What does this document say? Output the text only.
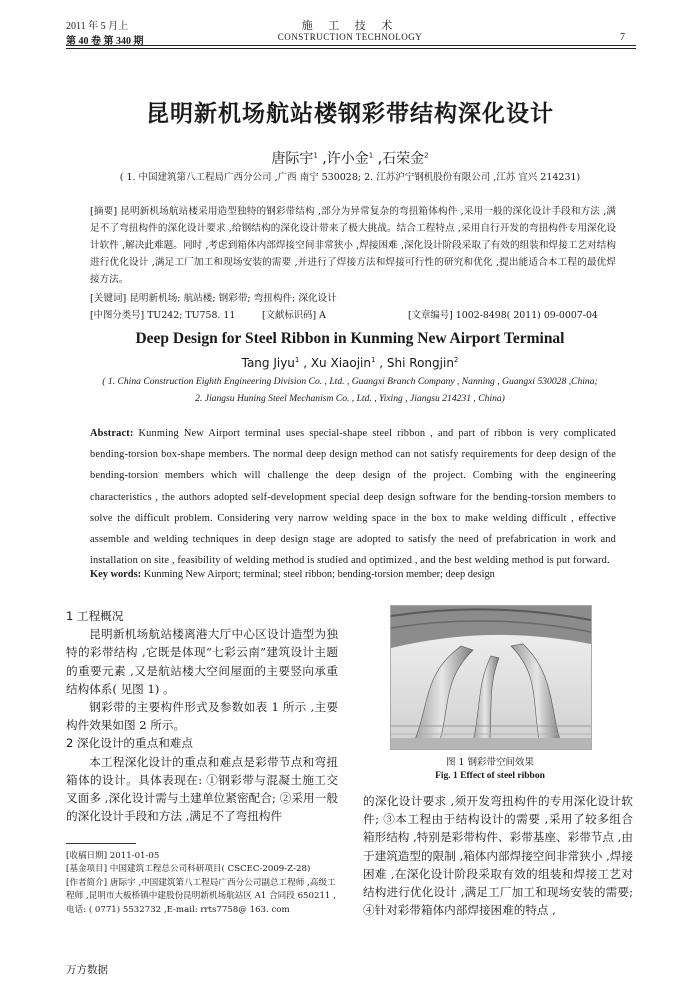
2011 年 5 月上
第 40 卷 第 340 期
施 工 技 术
CONSTRUCTION TECHNOLOGY	7
昆明新机场航站楼钢彩带结构深化设计
唐际宇$^1$ ,许小金$^1$ ,石荣金$^2$
( 1. 中国建筑第八工程局广西分公司 ,广西 南宁 530028; 2. 江苏沪宁钢机股份有限公司 ,江苏 宜兴 214231)
[摘要] 昆明新机场航站楼采用造型独特的钢彩带结构 ,部分为异常复杂的弯扭箱体构件 ,采用一般的深化设计手段和方法 ,满足不了弯扭构件的深化设计要求 ,给钢结构的深化设计带来了极大挑战。结合工程特点 ,采用自行开发的弯扭构件专用深化设计软件 ,解决此难题。同时 ,考虑到箱体内部焊接空间非常狭小 ,焊接困难 ,深化设计阶段采取了有效的组装和焊接工艺对结构进行优化设计 ,满足工厂加工和现场安装的需要 ,并进行了焊接方法和焊接可行性的研究和优化 ,提出能适合本工程的最优焊接方法。
[关键词] 昆明新机场; 航站楼; 钢彩带; 弯扭构件; 深化设计
[中图分类号] TU242; TU758. 11	[文献标识码] A	[文章编号] 1002-8498( 2011) 09-0007-04
Deep Design for Steel Ribbon in Kunming New Airport Terminal
Tang Jiyu$^1$ , Xu Xiaojin$^1$ , Shi Rongjin$^2$
( 1. China Construction Eighth Engineering Division Co. , Ltd. , Guangxi Branch Company , Nanning , Guangxi 530028 ,China;
2. Jiangsu Huning Steel Mechanism Co. , Ltd. , Yixing , Jiangsu 214231 , China)
Abstract: Kunming New Airport terminal uses special-shape steel ribbon , and part of ribbon is very complicated bending-torsion box-shape members. The normal deep design method can not satisfy requirements for deep design of the bending-torsion members which will challenge the deep design of the project. Combing with the engineering characteristics , the authors adopted self-development special deep design software for the bending-torsion members to solve the difficult problem. Considering very narrow welding space in the box to make welding difficult , effective assemble and welding techniques in deep design stage are adopted to satisfy the need of prefabrication in work and installation on site , feasibility of welding method is studied and optimized , and the best welding method is put forward.
Key words: Kunming New Airport; terminal; steel ribbon; bending-torsion member; deep design

1 工程概况

昆明新机场航站楼离港大厅中心区设计造型为独特的彩带结构 ,它既是体现“七彩云南”建筑设计主题的重要元素 ,又是航站楼大空间屋面的主要竖向承重结构体系( 见图 1) 。

钢彩带的主要构件形式及参数如表 1 所示 ,主要构件效果如图 2 所示。

2 深化设计的重点和难点

本工程深化设计的重点和难点是彩带节点和弯扭箱体的设计。具体表现在: ①钢彩带与混凝土施工交叉面多 ,深化设计需与土建单位紧密配合; ②采用一般的深化设计手段和方法 ,满足不了弯扭构件

图 1 钢彩带空间效果
Fig. 1 Effect of steel ribbon

的深化设计要求 ,须开发弯扭构件的专用深化设计软件; ③本工程由于结构设计的需要 ,采用了较多组合箱形结构 ,特别是彩带构件、彩带基座、彩带节点 ,由于建筑造型的限制 ,箱体内部焊接空间非常狭小 ,焊接困难 ,在深化设计阶段采取有效的组装和焊接工艺对结构进行优化设计 ,满足工厂加工和现场安装的需要; ④针对彩带箱体内部焊接困难的特点 ,

[收稿日期] 2011-01-05
[基金项目] 中国建筑工程总公司科研项目( CSCEC-2009-Z-28)
[作者简介] 唐际宇 ,中国建筑第八工程局广西分公司副总工程师 ,高级工程师 ,昆明市大板桥镇中建股份昆明新机场航站区 A1 合同段 650211 ,电话: ( 0771) 5532732 ,E-mail: rrts7758@ 163. com
万方数据
